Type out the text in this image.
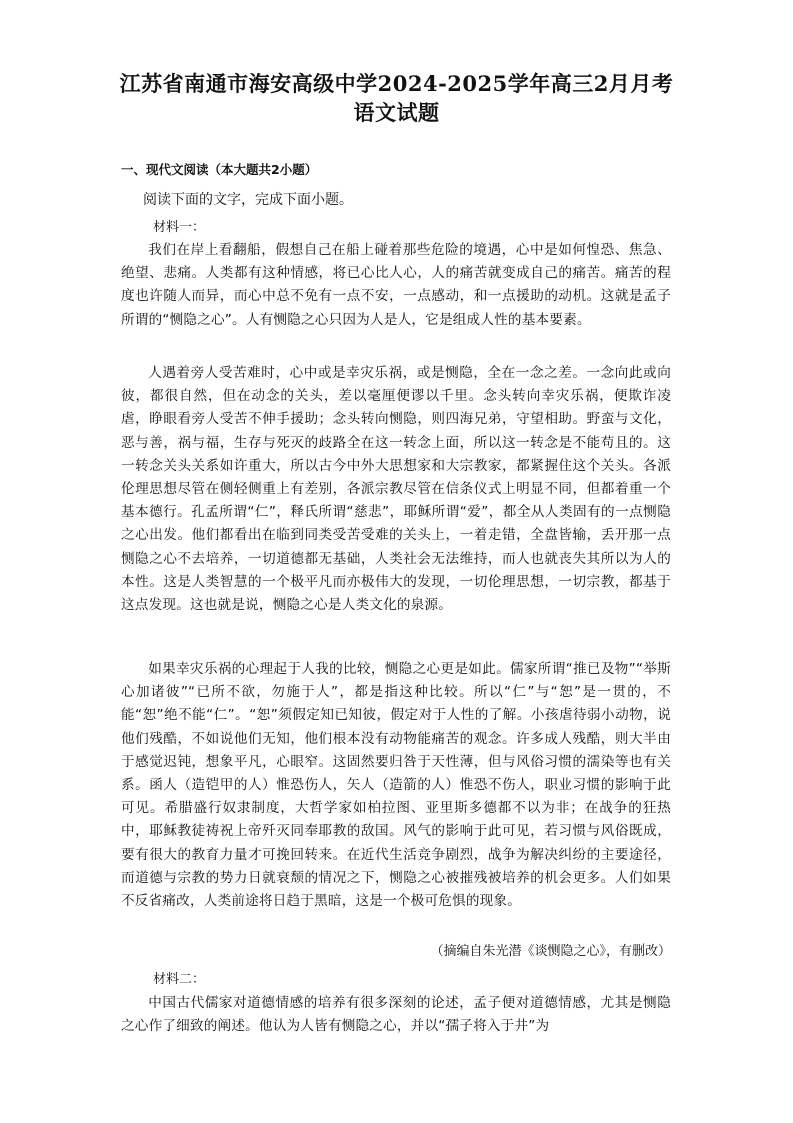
江苏省南通市海安高级中学2024-2025学年高三2月月考
语文试题
一、现代文阅读（本大题共2小题）
阅读下面的文字，完成下面小题。
材料一：
我们在岸上看翻船，假想自己在船上碰着那些危险的境遇，心中是如何惶恐、焦急、绝望、悲痛。人类都有这种情感，将已心比人心，人的痛苦就变成自己的痛苦。痛苦的程度也许随人而异，而心中总不免有一点不安，一点感动，和一点援助的动机。这就是孟子所谓的“恻隐之心”。人有恻隐之心只因为人是人，它是组成人性的基本要素。
人遇着旁人受苦难时，心中或是幸灾乐祸，或是恻隐，全在一念之差。一念向此或向彼，都很自然，但在动念的关头，差以毫厘便谬以千里。念头转向幸灾乐祸，便欺诈凌虐，睁眼看旁人受苦不伸手援助；念头转向恻隐，则四海兄弟，守望相助。野蛮与文化，恶与善，祸与福，生存与死灭的歧路全在这一转念上面，所以这一转念是不能苟且的。这一转念关头关系如许重大，所以古今中外大思想家和大宗教家，都紧握住这个关头。各派伦理思想尽管在侧轻侧重上有差别，各派宗教尽管在信条仪式上明显不同，但都着重一个基本德行。孔孟所谓“仁”，释氏所谓“慈悲”，耶稣所谓“爱”，都全从人类固有的一点恻隐之心出发。他们都看出在临到同类受苦受难的关头上，一着走错，全盘皆输，丢开那一点恻隐之心不去培养，一切道德都无基础，人类社会无法维持，而人也就丧失其所以为人的本性。这是人类智慧的一个极平凡而亦极伟大的发现，一切伦理思想，一切宗教，都基于这点发现。这也就是说，恻隐之心是人类文化的泉源。
如果幸灾乐祸的心理起于人我的比较，恻隐之心更是如此。儒家所谓“推已及物”“举斯心加诸彼”“已所不欲，勿施于人”，都是指这种比较。所以“仁”与“恕”是一贯的，不能“恕”绝不能“仁”。“恕”须假定知已知彼，假定对于人性的了解。小孩虐待弱小动物，说他们残酷，不如说他们无知，他们根本没有动物能痛苦的观念。许多成人残酷，则大半由于感觉迟钝，想象平凡，心眼窄。这固然要归咎于天性薄，但与风俗习惯的濡染等也有关系。函人（造铠甲的人）惟恐伤人，矢人（造箭的人）惟恐不伤人，职业习惯的影响于此可见。希腊盛行奴隶制度，大哲学家如柏拉图、亚里斯多德都不以为非；在战争的狂热中，耶稣教徒祷祝上帝歼灭同奉耶教的敌国。风气的影响于此可见，若习惯与风俗既成，要有很大的教育力量才可挽回转来。在近代生活竞争剧烈，战争为解决纠纷的主要途径，而道德与宗教的势力日就衰颓的情况之下，恻隐之心被摧残被培养的机会更多。人们如果不反省痛改，人类前途将日趋于黑暗，这是一个极可危惧的现象。
（摘编自朱光潜《谈恻隐之心》，有删改）
材料二：
中国古代儒家对道德情感的培养有很多深刻的论述，孟子便对道德情感，尤其是恻隐之心作了细致的阐述。他认为人皆有恻隐之心，并以“孺子将入于井”为
